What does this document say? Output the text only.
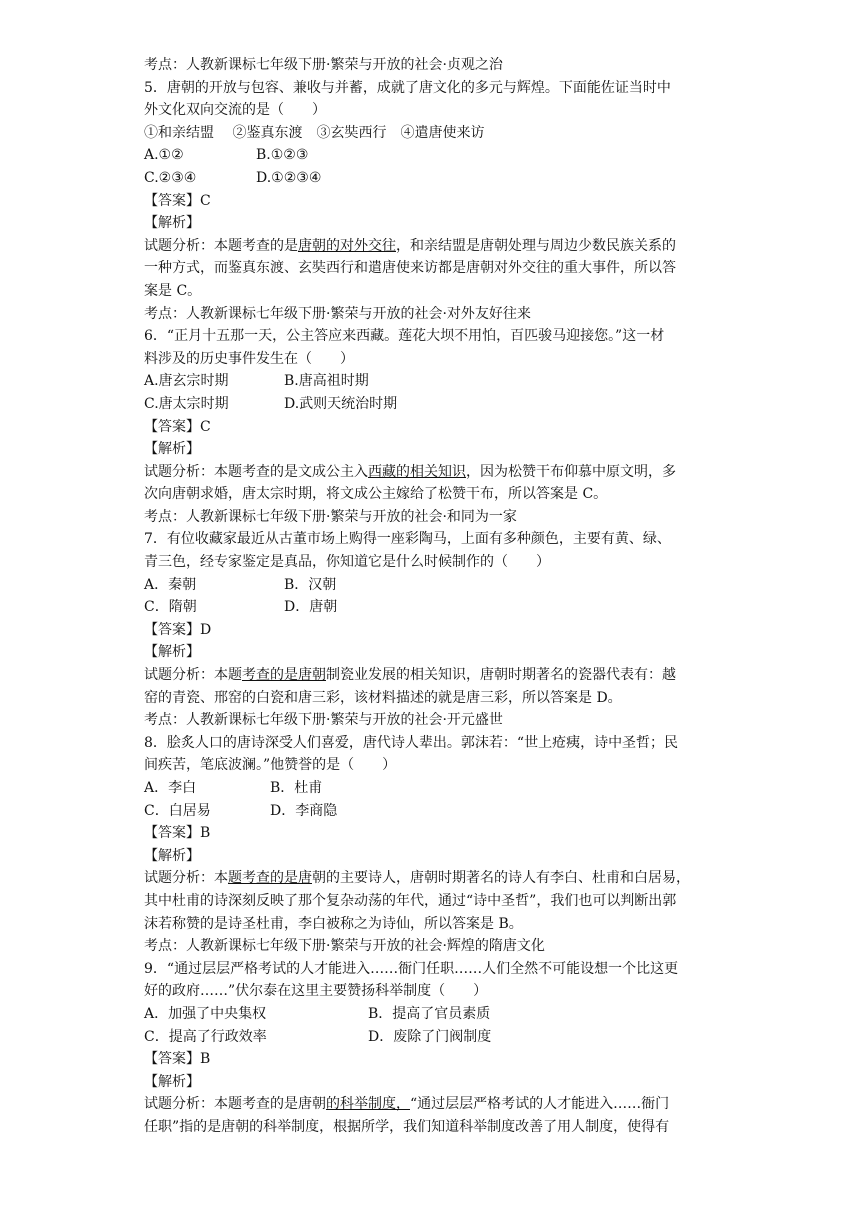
考点：人教新课标七年级下册·繁荣与开放的社会·贞观之治
5．唐朝的开放与包容、兼收与并蓄，成就了唐文化的多元与辉煌。下面能佐证当时中
外文化双向交流的是（　　）
①和亲结盟　 ②鉴真东渡　③玄奘西行　④遣唐使来访
A.①②	B.①②③
C.②③④	D.①②③④
【答案】C
【解析】
试题分析：本题考查的是唐朝的对外交往，和亲结盟是唐朝处理与周边少数民族关系的
一种方式，而鉴真东渡、玄奘西行和遣唐使来访都是唐朝对外交往的重大事件，所以答
案是 C。
考点：人教新课标七年级下册·繁荣与开放的社会·对外友好往来
6．“正月十五那一天，公主答应来西藏。莲花大坝不用怕，百匹骏马迎接您。”这一材
料涉及的历史事件发生在（　　）
A.唐玄宗时期	B.唐高祖时期
C.唐太宗时期	D.武则天统治时期
【答案】C
【解析】
试题分析：本题考查的是文成公主入西藏的相关知识，因为松赞干布仰慕中原文明，多
次向唐朝求婚，唐太宗时期，将文成公主嫁给了松赞干布，所以答案是 C。
考点：人教新课标七年级下册·繁荣与开放的社会·和同为一家
7．有位收藏家最近从古董市场上购得一座彩陶马，上面有多种颜色，主要有黄、绿、
青三色，经专家鉴定是真品，你知道它是什么时候制作的（　　）
A．秦朝	B．汉朝
C．隋朝	D．唐朝
【答案】D
【解析】
试题分析：本题考查的是唐朝制瓷业发展的相关知识，唐朝时期著名的瓷器代表有：越
窑的青瓷、邢窑的白瓷和唐三彩，该材料描述的就是唐三彩，所以答案是 D。
考点：人教新课标七年级下册·繁荣与开放的社会·开元盛世
8．脍炙人口的唐诗深受人们喜爱，唐代诗人辈出。郭沫若：“世上疮痍，诗中圣哲；民
间疾苦，笔底波澜。”他赞誉的是（　　）
A．李白	B．杜甫
C．白居易	D．李商隐
【答案】B
【解析】
试题分析：本题考查的是唐朝的主要诗人，唐朝时期著名的诗人有李白、杜甫和白居易，
其中杜甫的诗深刻反映了那个复杂动荡的年代，通过“诗中圣哲”，我们也可以判断出郭
沫若称赞的是诗圣杜甫，李白被称之为诗仙，所以答案是 B。
考点：人教新课标七年级下册·繁荣与开放的社会·辉煌的隋唐文化
9．“通过层层严格考试的人才能进入……衙门任职……人们全然不可能设想一个比这更
好的政府……”伏尔泰在这里主要赞扬科举制度（　　）
A．加强了中央集权	B．提高了官员素质
C．提高了行政效率	D．废除了门阀制度
【答案】B
【解析】
试题分析：本题考查的是唐朝的科举制度，“通过层层严格考试的人才能进入……衙门
任职”指的是唐朝的科举制度，根据所学，我们知道科举制度改善了用人制度，使得有
